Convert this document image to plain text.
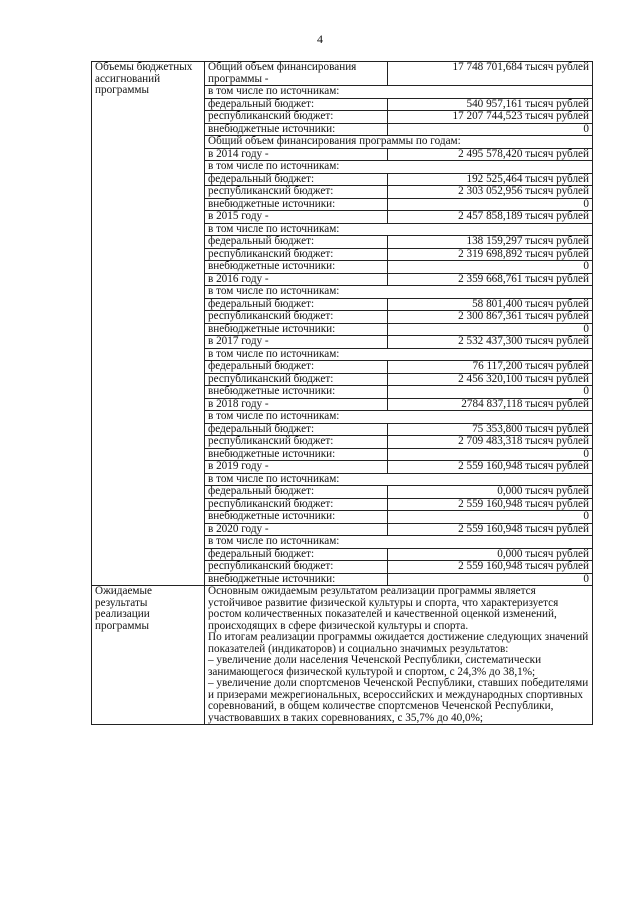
4
Объемы бюджетных ассигнований программы	Общий объем финансирования программы -	17 748 701,684 тысяч рублей
	в том числе по источникам:	
	федеральный бюджет:	540 957,161 тысяч рублей
	республиканский бюджет:	17 207 744,523 тысяч рублей
	внебюджетные источники:	0
	Общий объем финансирования программы по годам:	
	в 2014 году -	2 495 578,420 тысяч рублей
	в том числе по источникам:	
	федеральный бюджет:	192 525,464 тысяч рублей
	республиканский бюджет:	2 303 052,956 тысяч рублей
	внебюджетные источники:	0
	в 2015 году -	2 457 858,189 тысяч рублей
	в том числе по источникам:	
	федеральный бюджет:	138 159,297 тысяч рублей
	республиканский бюджет:	2 319 698,892 тысяч рублей
	внебюджетные источники:	0
	в 2016 году -	2 359 668,761 тысяч рублей
	в том числе по источникам:	
	федеральный бюджет:	58 801,400 тысяч рублей
	республиканский бюджет:	2 300 867,361 тысяч рублей
	внебюджетные источники:	0
	в 2017 году -	2 532 437,300 тысяч рублей
	в том числе по источникам:	
	федеральный бюджет:	76 117,200 тысяч рублей
	республиканский бюджет:	2 456 320,100 тысяч рублей
	внебюджетные источники:	0
	в 2018 году -	2784 837,118 тысяч рублей
	в том числе по источникам:	
	федеральный бюджет:	75 353,800 тысяч рублей
	республиканский бюджет:	2 709 483,318 тысяч рублей
	внебюджетные источники:	0
	в 2019 году -	2 559 160,948 тысяч рублей
	в том числе по источникам:	
	федеральный бюджет:	0,000 тысяч рублей
	республиканский бюджет:	2 559 160,948 тысяч рублей
	внебюджетные источники:	0
	в 2020 году -	2 559 160,948 тысяч рублей
	в том числе по источникам:	
	федеральный бюджет:	0,000 тысяч рублей
	республиканский бюджет:	2 559 160,948 тысяч рублей
	внебюджетные источники:	0
Ожидаемые результаты реализации программы	Основным ожидаемым результатом реализации программы является устойчивое развитие физической культуры и спорта, что характеризуется ростом количественных показателей и качественной оценкой изменений, происходящих в сфере физической культуры и спорта.
По итогам реализации программы ожидается достижение следующих значений показателей (индикаторов) и социально значимых результатов:
– увеличение доли населения Чеченской Республики, систематически занимающегося физической культурой и спортом, с 24,3% до 38,1%;
– увеличение доли спортсменов Чеченской Республики, ставших победителями и призерами межрегиональных, всероссийских и международных спортивных соревнований, в общем количестве спортсменов Чеченской Республики, участвовавших в таких соревнованиях, с 35,7% до 40,0%;	
